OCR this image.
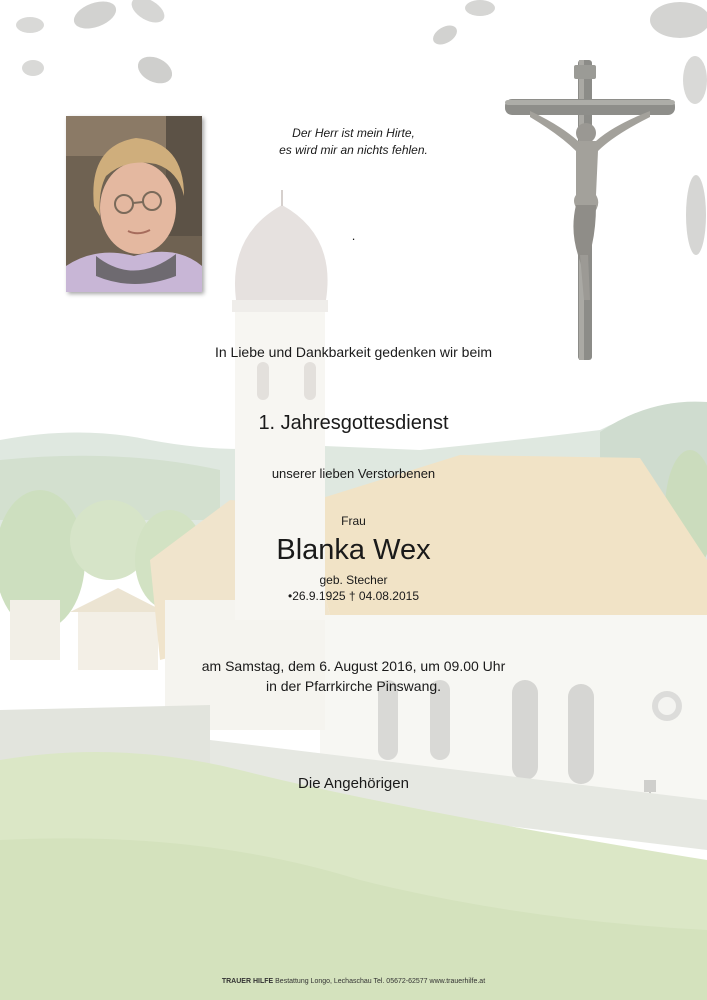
Der Herr ist mein Hirte,
es wird mir an nichts fehlen.
.
In Liebe und Dankbarkeit gedenken wir beim
1. Jahresgottesdienst
unserer lieben Verstorbenen
Frau
Blanka Wex
geb. Stecher
•26.9.1925 † 04.08.2015
am Samstag, dem 6. August 2016, um 09.00 Uhr
in der Pfarrkirche Pinswang.
Die Angehörigen
TRAUER HILFE Bestattung Longo, Lechaschau Tel. 05672-62577 www.trauerhilfe.at
